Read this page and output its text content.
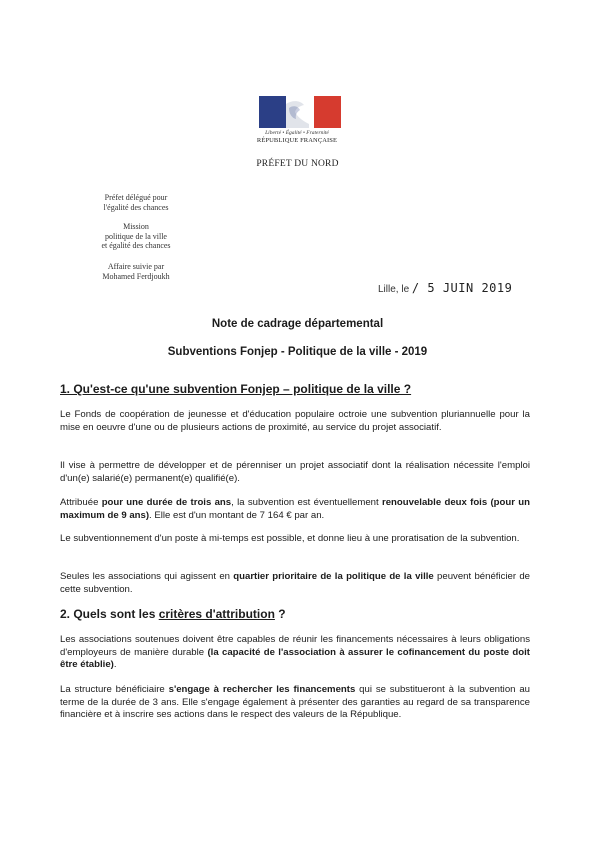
Liberté • Égalité • Fraternité
RÉPUBLIQUE FRANÇAISE
PRÉFET DU NORD
Préfet délégué pour
l'égalité des chances
Mission
politique de la ville
et égalité des chances
Affaire suivie par
Mohamed Ferdjoukh
Lille, le / 5 JUIN 2019
Note de cadrage départemental
Subventions Fonjep - Politique de la ville - 2019
1. Qu'est-ce qu'une subvention Fonjep – politique de la ville ?
Le Fonds de coopération de jeunesse et d'éducation populaire octroie une subvention pluriannuelle pour la mise en oeuvre d'une ou de plusieurs actions de proximité, au service du projet associatif.
Il vise à permettre de développer et de pérenniser un projet associatif dont la réalisation nécessite l'emploi d'un(e) salarié(e) permanent(e) qualifié(e).
Attribuée pour une durée de trois ans, la subvention est éventuellement renouvelable deux fois (pour un maximum de 9 ans). Elle est d'un montant de 7 164 € par an.
Le subventionnement d'un poste à mi-temps est possible, et donne lieu à une proratisation de la subvention.
Seules les associations qui agissent en quartier prioritaire de la politique de la ville peuvent bénéficier de cette subvention.
2. Quels sont les critères d'attribution ?
Les associations soutenues doivent être capables de réunir les financements nécessaires à leurs obligations d'employeurs de manière durable (la capacité de l'association à assurer le cofinancement du poste doit être établie).
La structure bénéficiaire s'engage à rechercher les financements qui se substitueront à la subvention au terme de la durée de 3 ans. Elle s'engage également à présenter des garanties au regard de sa transparence financière et à inscrire ses actions dans le respect des valeurs de la République.
